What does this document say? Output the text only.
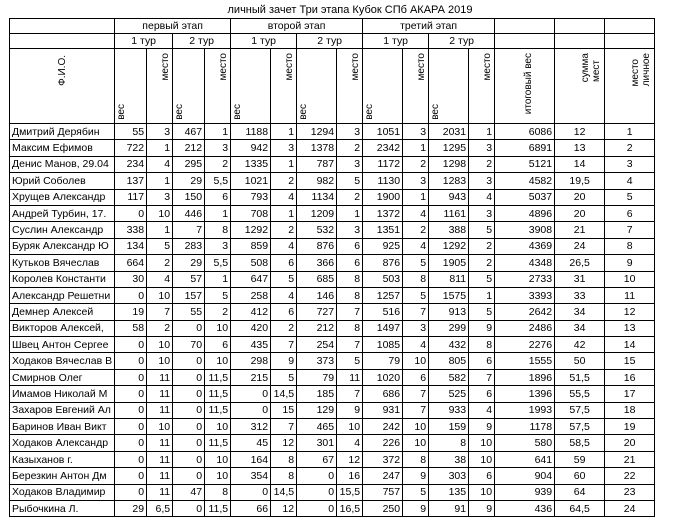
личный зачет Три этапа Кубок СПб АКАРА 2019
	первый этап				второй этап				третий этап						
	1 тур		2 тур		1 тур		2 тур		1 тур		2 тур				

Ф.И.О.	вес	место	вес	место	вес	место	вес	место	вес	место	вес	место	итоговый вес	суммамест	местоличное

Дмитрий Дерябин	55	3	467	1	1188	1	1294	3	1051	3	2031	1	6086	12	1
Максим Ефимов	722	1	212	3	942	3	1378	2	2342	1	1295	3	6891	13	2
Денис Манов, 29.04	234	4	295	2	1335	1	787	3	1172	2	1298	2	5121	14	3
Юрий Соболев	137	1	29	5,5	1021	2	982	5	1130	3	1283	3	4582	19,5	4
Хрущев Александр	117	3	150	6	793	4	1134	2	1900	1	943	4	5037	20	5
Андрей Турбин, 17.	0	10	446	1	708	1	1209	1	1372	4	1161	3	4896	20	6
Суслин Александр	338	1	7	8	1292	2	532	3	1351	2	388	5	3908	21	7
Буряк Александр Ю	134	5	283	3	859	4	876	6	925	4	1292	2	4369	24	8
Кутьков Вячеслав	664	2	29	5,5	508	6	366	6	876	5	1905	2	4348	26,5	9
Королев Константи	30	4	57	1	647	5	685	8	503	8	811	5	2733	31	10
Александр Решетни	0	10	157	5	258	4	146	8	1257	5	1575	1	3393	33	11
Демнер Алексей	19	7	55	2	412	6	727	7	516	7	913	5	2642	34	12
Викторов Алексей,	58	2	0	10	420	2	212	8	1497	3	299	9	2486	34	13
Швец Антон Сергее	0	10	70	6	435	7	254	7	1085	4	432	8	2276	42	14
Ходаков Вячеслав В	0	10	0	10	298	9	373	5	79	10	805	6	1555	50	15
Смирнов Олег	0	11	0	11,5	215	5	79	11	1020	6	582	7	1896	51,5	16
Имамов Николай М	0	11	0	11,5	0	14,5	185	7	686	7	525	6	1396	55,5	17
Захаров Евгений Ал	0	11	0	11,5	0	15	129	9	931	7	933	4	1993	57,5	18
Баринов Иван Викт	0	10	0	10	312	7	465	10	242	10	159	9	1178	57,5	19
Ходаков Александр	0	11	0	11,5	45	12	301	4	226	10	8	10	580	58,5	20
Казыханов г.	0	11	0	10	164	8	67	12	372	8	38	10	641	59	21
Березкин Антон Дм	0	11	0	10	354	8	0	16	247	9	303	6	904	60	22
Ходаков Владимир	0	11	47	8	0	14,5	0	15,5	757	5	135	10	939	64	23
Рыбочкина Л.	29	6,5	0	11,5	66	12	0	16,5	250	9	91	9	436	64,5	24
